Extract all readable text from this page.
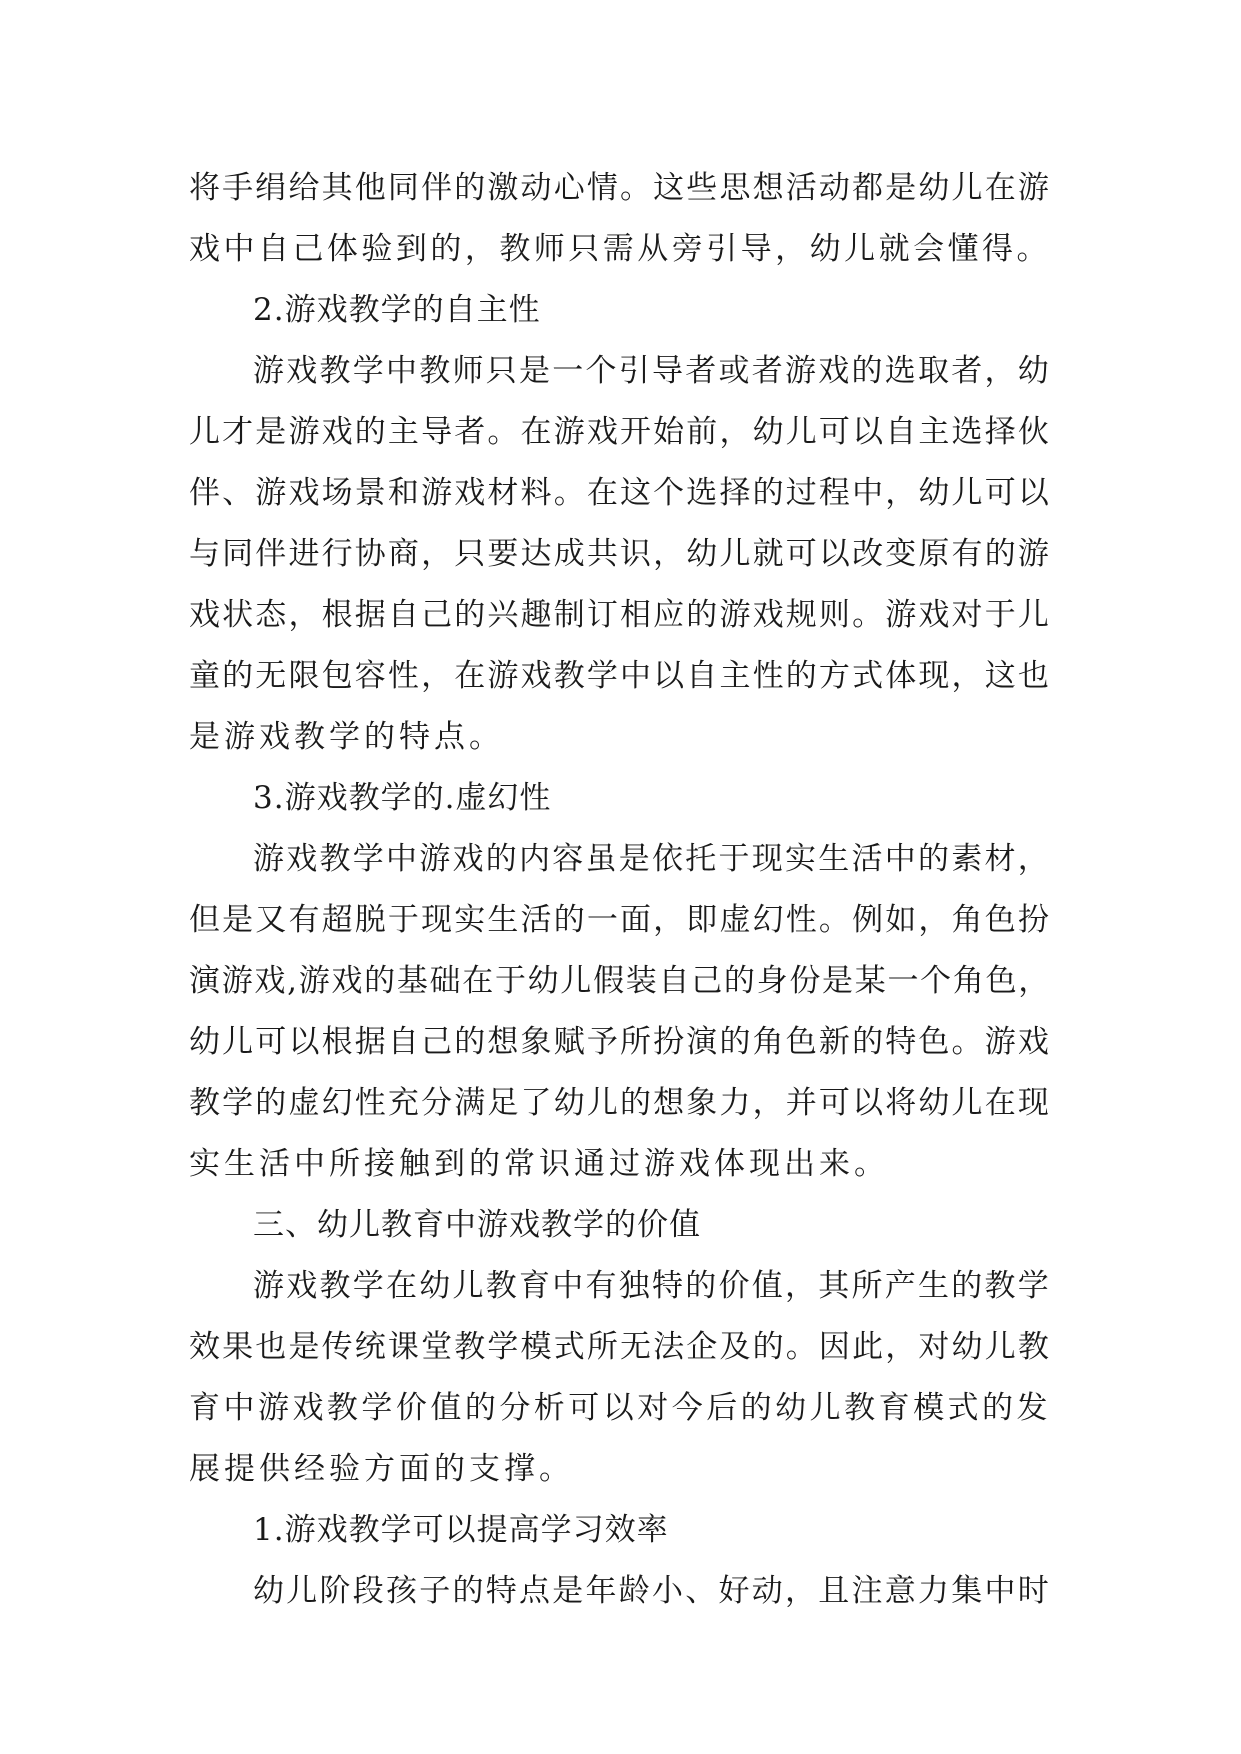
将手绢给其他同伴的激动心情。这些思想活动都是幼儿在游
戏中自己体验到的，教师只需从旁引导，幼儿就会懂得。
2.游戏教学的自主性
游戏教学中教师只是一个引导者或者游戏的选取者，幼
儿才是游戏的主导者。在游戏开始前，幼儿可以自主选择伙
伴、游戏场景和游戏材料。在这个选择的过程中，幼儿可以
与同伴进行协商，只要达成共识，幼儿就可以改变原有的游
戏状态，根据自己的兴趣制订相应的游戏规则。游戏对于儿
童的无限包容性，在游戏教学中以自主性的方式体现，这也
是游戏教学的特点。
3.游戏教学的.虚幻性
游戏教学中游戏的内容虽是依托于现实生活中的素材，
但是又有超脱于现实生活的一面，即虚幻性。例如，角色扮
演游戏,游戏的基础在于幼儿假装自己的身份是某一个角色，
幼儿可以根据自己的想象赋予所扮演的角色新的特色。游戏
教学的虚幻性充分满足了幼儿的想象力，并可以将幼儿在现
实生活中所接触到的常识通过游戏体现出来。
三、幼儿教育中游戏教学的价值
游戏教学在幼儿教育中有独特的价值，其所产生的教学
效果也是传统课堂教学模式所无法企及的。因此，对幼儿教
育中游戏教学价值的分析可以对今后的幼儿教育模式的发
展提供经验方面的支撑。
1.游戏教学可以提高学习效率
幼儿阶段孩子的特点是年龄小、好动，且注意力集中时
